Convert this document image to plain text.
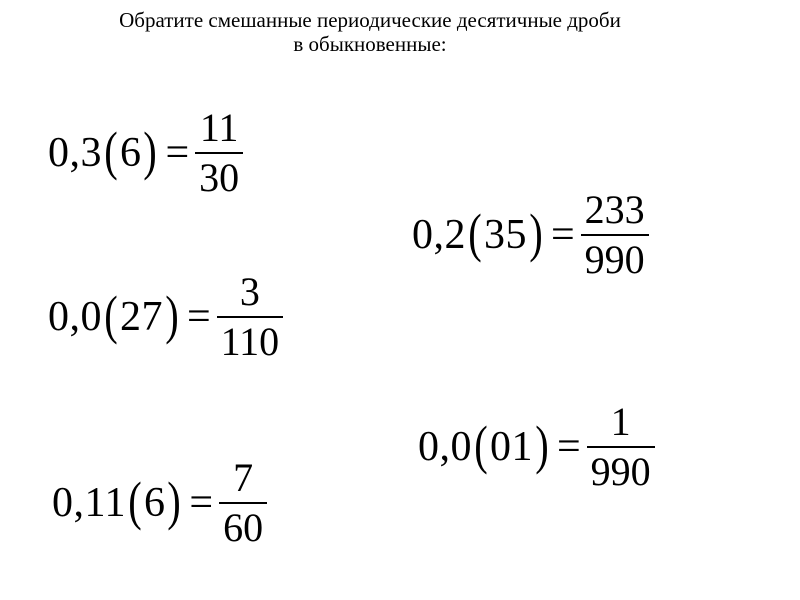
Обратите смешанные периодические десятичные дроби
в обыкновенные:
0,3 ( 6 ) = $\frac{11}{30}$
0,2 ( 35 ) = $\frac{233}{990}$
0,0 ( 27 ) = $\frac{3}{110}$
0,0 ( 01 ) = $\frac{1}{990}$
0,11 ( 6 ) = $\frac{7}{60}$
